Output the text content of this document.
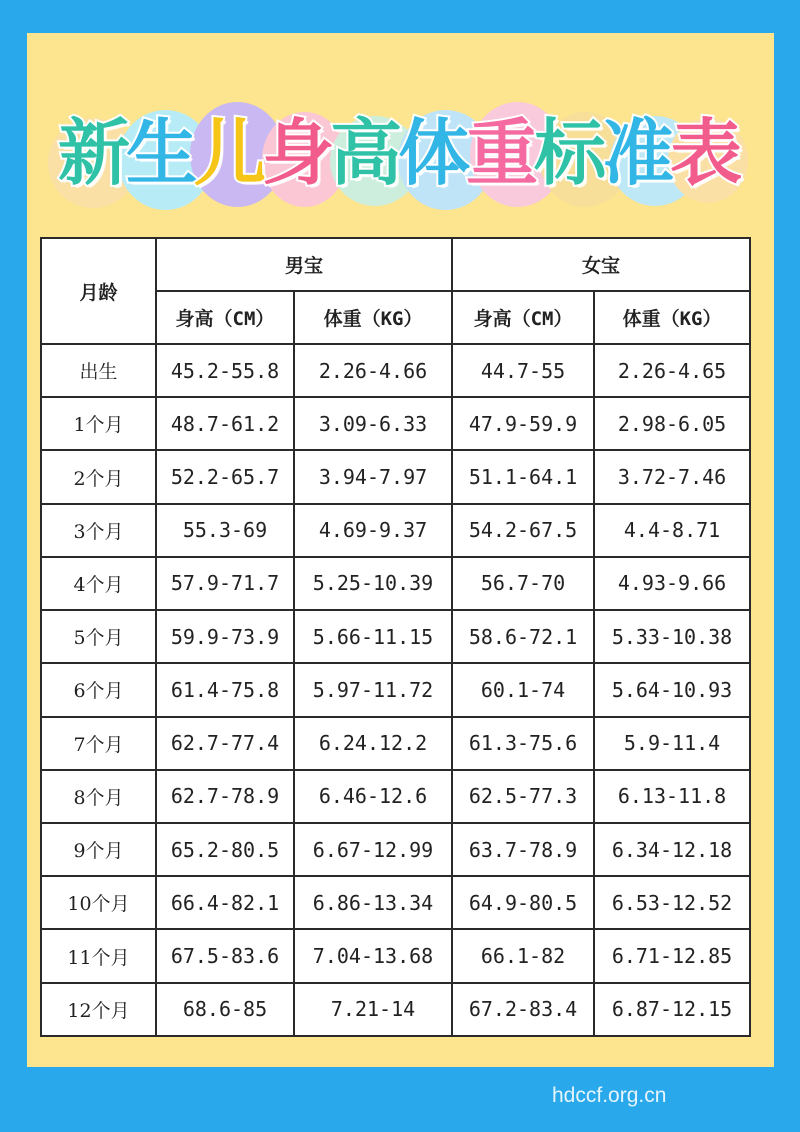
新
生
儿
身
高
体
重
标
准
表
月龄	男宝		女宝	
	身高（CM）	体重（KG）	身高（CM）	体重（KG）
出生	45.2-55.8	2.26-4.66	44.7-55	2.26-4.65
1个月	48.7-61.2	3.09-6.33	47.9-59.9	2.98-6.05
2个月	52.2-65.7	3.94-7.97	51.1-64.1	3.72-7.46
3个月	55.3-69	4.69-9.37	54.2-67.5	4.4-8.71
4个月	57.9-71.7	5.25-10.39	56.7-70	4.93-9.66
5个月	59.9-73.9	5.66-11.15	58.6-72.1	5.33-10.38
6个月	61.4-75.8	5.97-11.72	60.1-74	5.64-10.93
7个月	62.7-77.4	6.24.12.2	61.3-75.6	5.9-11.4
8个月	62.7-78.9	6.46-12.6	62.5-77.3	6.13-11.8
9个月	65.2-80.5	6.67-12.99	63.7-78.9	6.34-12.18
10个月	66.4-82.1	6.86-13.34	64.9-80.5	6.53-12.52
11个月	67.5-83.6	7.04-13.68	66.1-82	6.71-12.85
12个月	68.6-85	7.21-14	67.2-83.4	6.87-12.15
hdccf.org.cn
